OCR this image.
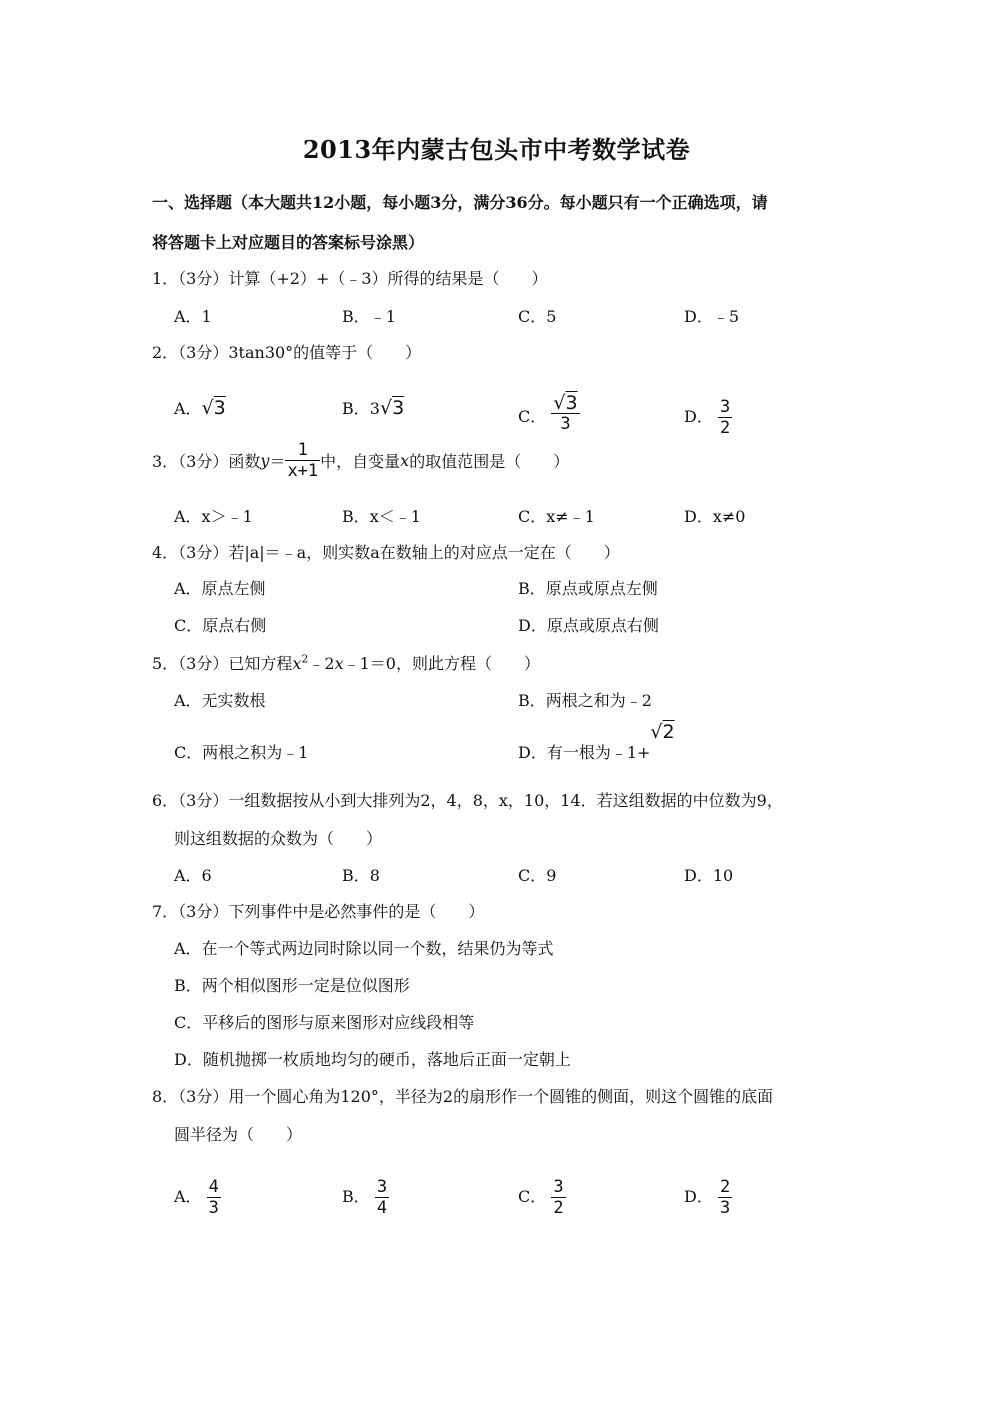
2013年内蒙古包头市中考数学试卷
一、选择题（本大题共12小题，每小题3分，满分36分。每小题只有一个正确选项，请
将答题卡上对应题目的答案标号涂黑）
1．（3分）计算（+2）+（﹣3）所得的结果是（　　）
A．1	B．﹣1	C．5	D．﹣5
2．（3分）3tan30°的值等于（　　）
A．√3	B．3√3	C． $\frac{√3}{3}$	D． $\frac{3}{2}$
3．（3分）函数$y= \frac{1}{x+1}$ 中，自变量x的取值范围是（　　）
A．x＞﹣1	B．x＜﹣1	C．x≠﹣1	D．x≠0
4．（3分）若|a|＝﹣a，则实数a在数轴上的对应点一定在（　　）
A．原点左侧	B．原点或原点左侧
C．原点右侧	D．原点或原点右侧
5．（3分）已知方程$x^2﹣2x﹣1=0$，则此方程（　　）
A．无实数根	B．两根之和为﹣2
C．两根之积为﹣1	D．有一根为﹣1+√2
6．（3分）一组数据按从小到大排列为2，4，8，x，10，14．若这组数据的中位数为9，
则这组数据的众数为（　　）
A．6	B．8	C．9	D．10
7．（3分）下列事件中是必然事件的是（　　）
A．在一个等式两边同时除以同一个数，结果仍为等式
B．两个相似图形一定是位似图形
C．平移后的图形与原来图形对应线段相等
D．随机抛掷一枚质地均匀的硬币，落地后正面一定朝上
8．（3分）用一个圆心角为120°，半径为2的扇形作一个圆锥的侧面，则这个圆锥的底面
圆半径为（　　）
A． $\frac{4}{3}$	B． $\frac{3}{4}$	C． $\frac{3}{2}$	D． $\frac{2}{3}$
